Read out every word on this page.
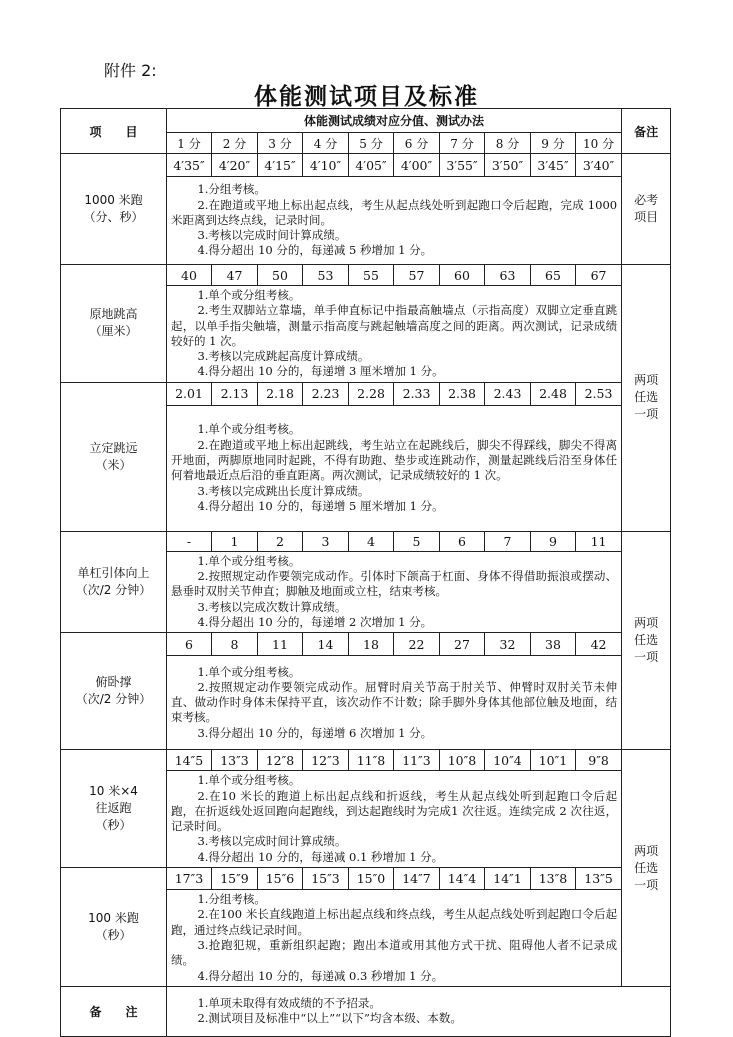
附件 2:
体能测试项目及标准
项　　目	体能测试成绩对应分值、测试办法										备注
	1 分	2 分	3 分	4 分	5 分	6 分	7 分	8 分	9 分	10 分	

1000 米跑
（分、秒）	4′35″	4′20″	4′15″	4′10″	4′05″	4′00″	3′55″	3′50″	3′45″	3′40″	必考
项目

	1.分组考核。
2.在跑道或平地上标出起点线，考生从起点线处听到起跑口令后起跑，完成 1000 米距离到达终点线，记录时间。
3.考核以完成时间计算成绩。
4.得分超出 10 分的，每递减 5 秒增加 1 分。										

原地跳高
（厘米）	40	47	50	53	55	57	60	63	65	67	两项
任选
一项

	1.单个或分组考核。
2.考生双脚站立靠墙，单手伸直标记中指最高触墙点（示指高度）双脚立定垂直跳起，以单手指尖触墙，测量示指高度与跳起触墙高度之间的距离。两次测试，记录成绩较好的 1 次。
3.考核以完成跳起高度计算成绩。
4.得分超出 10 分的，每递增 3 厘米增加 1 分。										

立定跳远
（米）	2.01	2.13	2.18	2.23	2.28	2.33	2.38	2.43	2.48	2.53	

	1.单个或分组考核。
2.在跑道或平地上标出起跳线，考生站立在起跳线后，脚尖不得踩线，脚尖不得离开地面，两脚原地同时起跳，不得有助跑、垫步或连跳动作，测量起跳线后沿至身体任何着地最近点后沿的垂直距离。两次测试，记录成绩较好的 1 次。
3.考核以完成跳出长度计算成绩。
4.得分超出 10 分的，每递增 5 厘米增加 1 分。										

单杠引体向上
（次/2 分钟）	-	1	2	3	4	5	6	7	9	11	两项
任选
一项

	1.单个或分组考核。
2.按照规定动作要领完成动作。引体时下颌高于杠面、身体不得借助振浪或摆动、悬垂时双肘关节伸直；脚触及地面或立柱，结束考核。
3.考核以完成次数计算成绩。
4.得分超出 10 分的，每递增 2 次增加 1 分。										

俯卧撑
（次/2 分钟）	6	8	11	14	18	22	27	32	38	42	

	1.单个或分组考核。
2.按照规定动作要领完成动作。屈臂时肩关节高于肘关节、伸臂时双肘关节未伸直、做动作时身体未保持平直，该次动作不计数；除手脚外身体其他部位触及地面，结束考核。
3.得分超出 10 分的，每递增 6 次增加 1 分。										

10 米×4
往返跑
（秒）	14″5	13″3	12″8	12″3	11″8	11″3	10″8	10″4	10″1	9″8	两项
任选
一项

	1.单个或分组考核。
2.在10 米长的跑道上标出起点线和折返线，考生从起点线处听到起跑口令后起跑，在折返线处返回跑向起跑线，到达起跑线时为完成1 次往返。连续完成 2 次往返，记录时间。
3.考核以完成时间计算成绩。
4.得分超出 10 分的，每递减 0.1 秒增加 1 分。										

100 米跑
（秒）	17″3	15″9	15″6	15″3	15″0	14″7	14″4	14″1	13″8	13″5	

	1.分组考核。
2.在100 米长直线跑道上标出起点线和终点线，考生从起点线处听到起跑口令后起跑，通过终点线记录时间。
3.抢跑犯规，重新组织起跑；跑出本道或用其他方式干扰、阻碍他人者不记录成绩。
4.得分超出 10 分的，每递减 0.3 秒增加 1 分。										

备　　注	1.单项未取得有效成绩的不予招录。
2.测试项目及标准中“以上”“以下”均含本级、本数。										
